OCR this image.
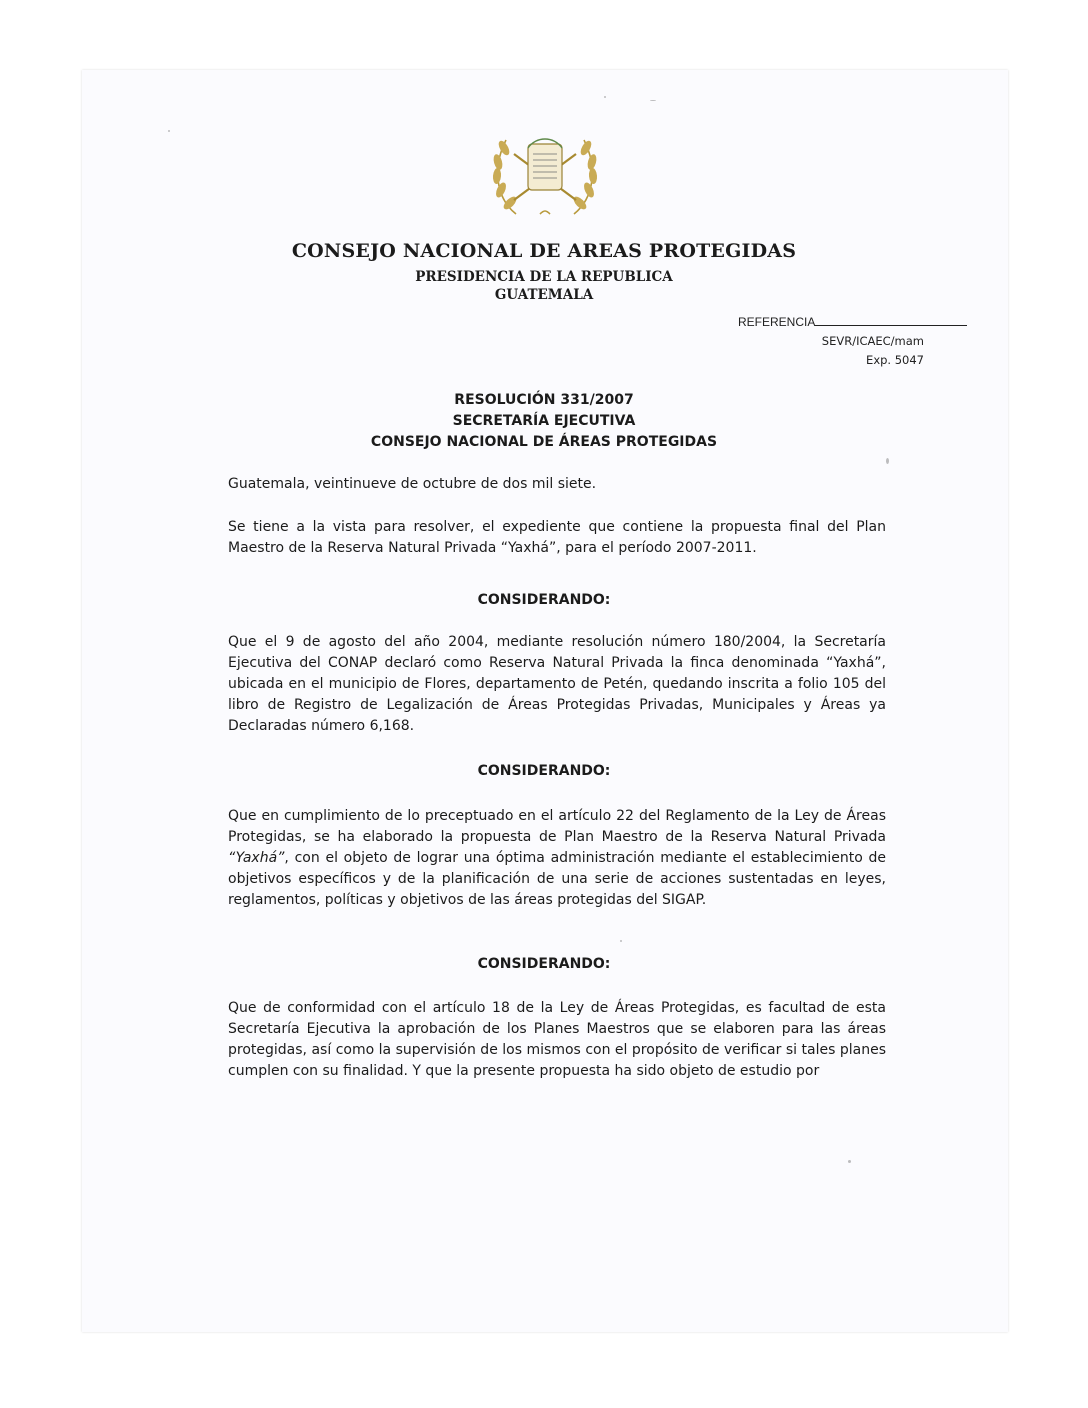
CONSEJO NACIONAL DE AREAS PROTEGIDAS
PRESIDENCIA DE LA REPUBLICA
GUATEMALA
REFERENCIA
SEVR/ICAEC/mam
Exp. 5047
RESOLUCIÓN 331/2007
SECRETARÍA EJECUTIVA
CONSEJO NACIONAL DE ÁREAS PROTEGIDAS
Guatemala, veintinueve de octubre de dos mil siete.
Se tiene a la vista para resolver, el expediente que contiene la propuesta final del Plan Maestro de la Reserva Natural Privada “Yaxhá”, para el período 2007-2011.
CONSIDERANDO:
Que el 9 de agosto del año 2004, mediante resolución número 180/2004, la Secretaría Ejecutiva del CONAP declaró como Reserva Natural Privada la finca denominada “Yaxhá”, ubicada en el municipio de Flores, departamento de Petén, quedando inscrita a folio 105 del libro de Registro de Legalización de Áreas Protegidas Privadas, Municipales y Áreas ya Declaradas número 6,168.
CONSIDERANDO:
Que en cumplimiento de lo preceptuado en el artículo 22 del Reglamento de la Ley de Áreas Protegidas, se ha elaborado la propuesta de Plan Maestro de la Reserva Natural Privada “Yaxhá”, con el objeto de lograr una óptima administración mediante el establecimiento de objetivos específicos y de la planificación de una serie de acciones sustentadas en leyes, reglamentos, políticas y objetivos de las áreas protegidas del SIGAP.
CONSIDERANDO:
Que de conformidad con el artículo 18 de la Ley de Áreas Protegidas, es facultad de esta Secretaría Ejecutiva la aprobación de los Planes Maestros que se elaboren para las áreas protegidas, así como la supervisión de los mismos con el propósito de verificar si tales planes cumplen con su finalidad. Y que la presente propuesta ha sido objeto de estudio por
